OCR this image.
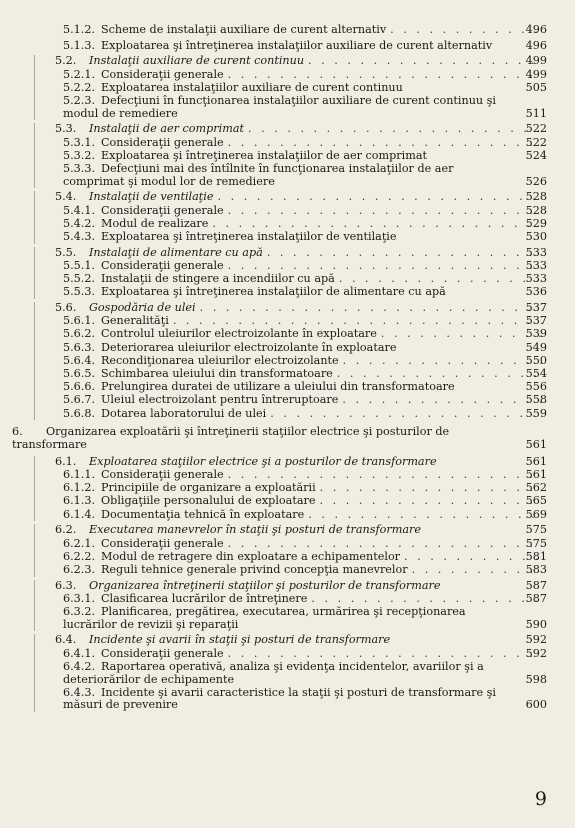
5.1.2. Scheme de instalaţii auxiliare de curent alternativ . . .	496
5.1.3. Exploatarea şi întreţinerea instalaţiilor auxiliare de curent alternativ	496
5.2.	Instalaţii auxiliare de curent continuu . . .	499
5.2.1. Consideraţii generale . . .	499
5.2.2. Exploatarea instalaţiilor auxiliare de curent continuu	505
5.2.3. Defecţiuni în funcţionarea instalaţiilor auxiliare de curent continuu şi modul de remediere	511
5.3.	Instalaţii de aer comprimat . . .	522
5.3.1. Consideraţii generale . . .	522
5.3.2. Exploatarea şi întreţinerea instalaţiilor de aer comprimat	524
5.3.3. Defecţiuni mai des întîlnite în funcţionarea instalaţiilor de aer comprimat şi modul lor de remediere	526
5.4.	Instalaţii de ventilaţie . . .	528
5.4.1. Consideraţii generale . . .	528
5.4.2. Modul de realizare . . .	529
5.4.3. Exploatarea şi întreţinerea instalaţiilor de ventilaţie	530
5.5.	Instalaţii de alimentare cu apă . . .	533
5.5.1. Consideraţii generale . . .	533
5.5.2. Instalaţii de stingere a incendiilor cu apă . . .	533
5.5.3. Exploatarea şi întreţinerea instalaţiilor de alimentare cu apă	536
5.6.	Gospodăria de ulei . . .	537
5.6.1. Generalităţi . . .	537
5.6.2. Controlul uleiurilor electroizolante în exploatare . . .	539
5.6.3. Deteriorarea uleiurilor electroizolante în exploatare	549
5.6.4. Recondiţionarea uleiurilor electroizolante . . .	550
5.6.5. Schimbarea uleiului din transformatoare . . .	554
5.6.6. Prelungirea duratei de utilizare a uleiului din transformatoare	556
5.6.7. Uleiul electroizolant pentru întreruptoare . . .	558
5.6.8. Dotarea laboratorului de ulei . . .	559
6. Organizarea exploatării şi întreţinerii staţiilor electrice şi posturilor de transformare	561
6.1. Exploatarea staţiilor electrice şi a posturilor de transformare	561
6.1.1. Consideraţii generale . . .	561
6.1.2. Principiile de organizare a exploatării . . .	562
6.1.3. Obligaţiile personalului de exploatare . . .	565
6.1.4. Documentaţia tehnică în exploatare . . .	569
6.2. Executarea manevrelor în staţii şi posturi de transformare	575
6.2.1. Consideraţii generale . . .	575
6.2.2. Modul de retragere din exploatare a echipamentelor . . .	581
6.2.3. Reguli tehnice generale privind concepţia manevrelor . . .	583
6.3. Organizarea întreţinerii staţiilor şi posturilor de transformare	587
6.3.1. Clasificarea lucrărilor de întreţinere . . .	587
6.3.2. Planificarea, pregătirea, executarea, urmărirea şi recepţionarea lucrărilor de revizii şi reparaţii	590
6.4. Incidente şi avarii în staţii şi posturi de transformare	592
6.4.1. Consideraţii generale . . .	592
6.4.2. Raportarea operativă, analiza şi evidenţa incidentelor, avariilor şi a deteriorărilor de echipamente	598
6.4.3. Incidente şi avarii caracteristice la staţii şi posturi de transformare şi măsuri de prevenire	600
9
